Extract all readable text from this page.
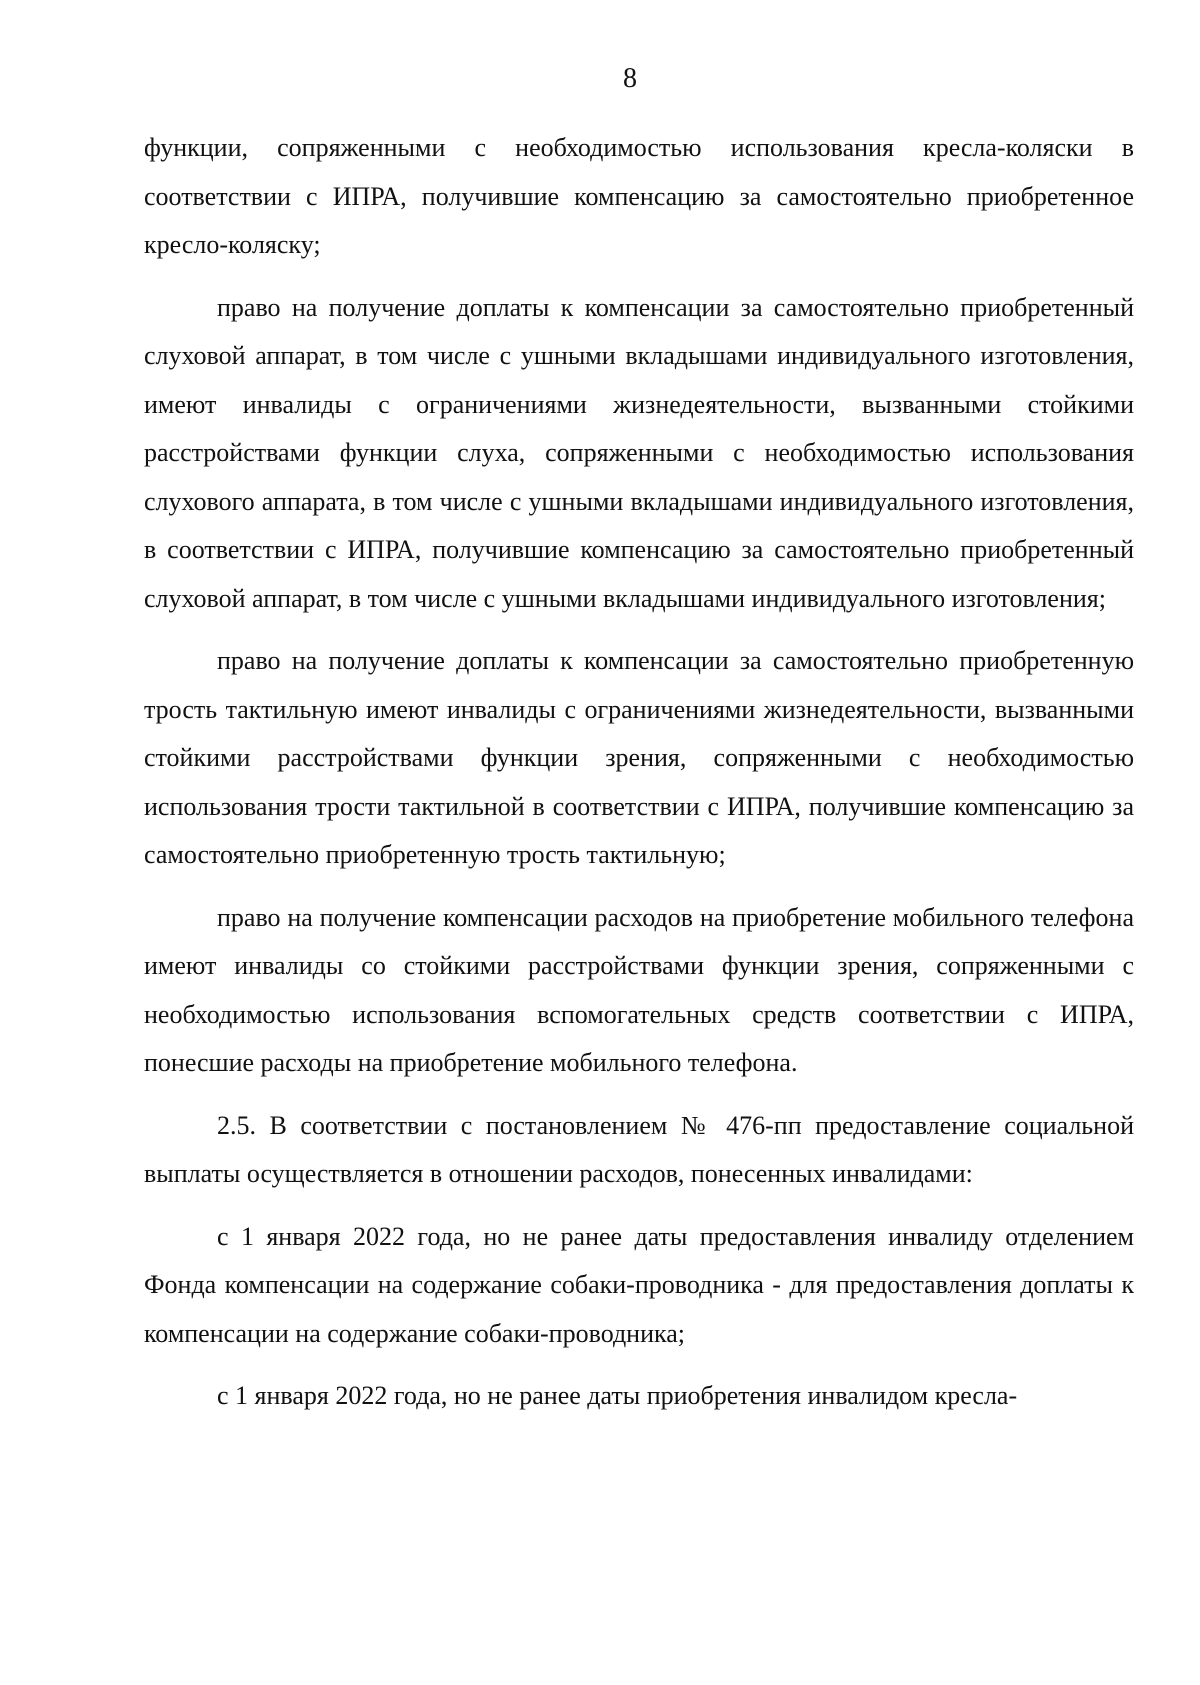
8

функции, сопряженными с необходимостью использования кресла-коляски в соответствии с ИПРА, получившие компенсацию за самостоятельно приобретенное кресло-коляску;

право на получение доплаты к компенсации за самостоятельно приобретенный слуховой аппарат, в том числе с ушными вкладышами индивидуального изготовления, имеют инвалиды с ограничениями жизнедеятельности, вызванными стойкими расстройствами функции слуха, сопряженными с необходимостью использования слухового аппарата, в том числе с ушными вкладышами индивидуального изготовления, в соответствии с ИПРА, получившие компенсацию за самостоятельно приобретенный слуховой аппарат, в том числе с ушными вкладышами индивидуального изготовления;

право на получение доплаты к компенсации за самостоятельно приобретенную трость тактильную имеют инвалиды с ограничениями жизнедеятельности, вызванными стойкими расстройствами функции зрения, сопряженными с необходимостью использования трости тактильной в соответствии с ИПРА, получившие компенсацию за самостоятельно приобретенную трость тактильную;

право на получение компенсации расходов на приобретение мобильного телефона имеют инвалиды со стойкими расстройствами функции зрения, сопряженными с необходимостью использования вспомогательных средств соответствии с ИПРА, понесшие расходы на приобретение мобильного телефона.

2.5. В соответствии с постановлением № 476-пп предоставление социальной выплаты осуществляется в отношении расходов, понесенных инвалидами:

с 1 января 2022 года, но не ранее даты предоставления инвалиду отделением Фонда компенсации на содержание собаки-проводника - для предоставления доплаты к компенсации на содержание собаки-проводника;

с 1 января 2022 года, но не ранее даты приобретения инвалидом кресла-
